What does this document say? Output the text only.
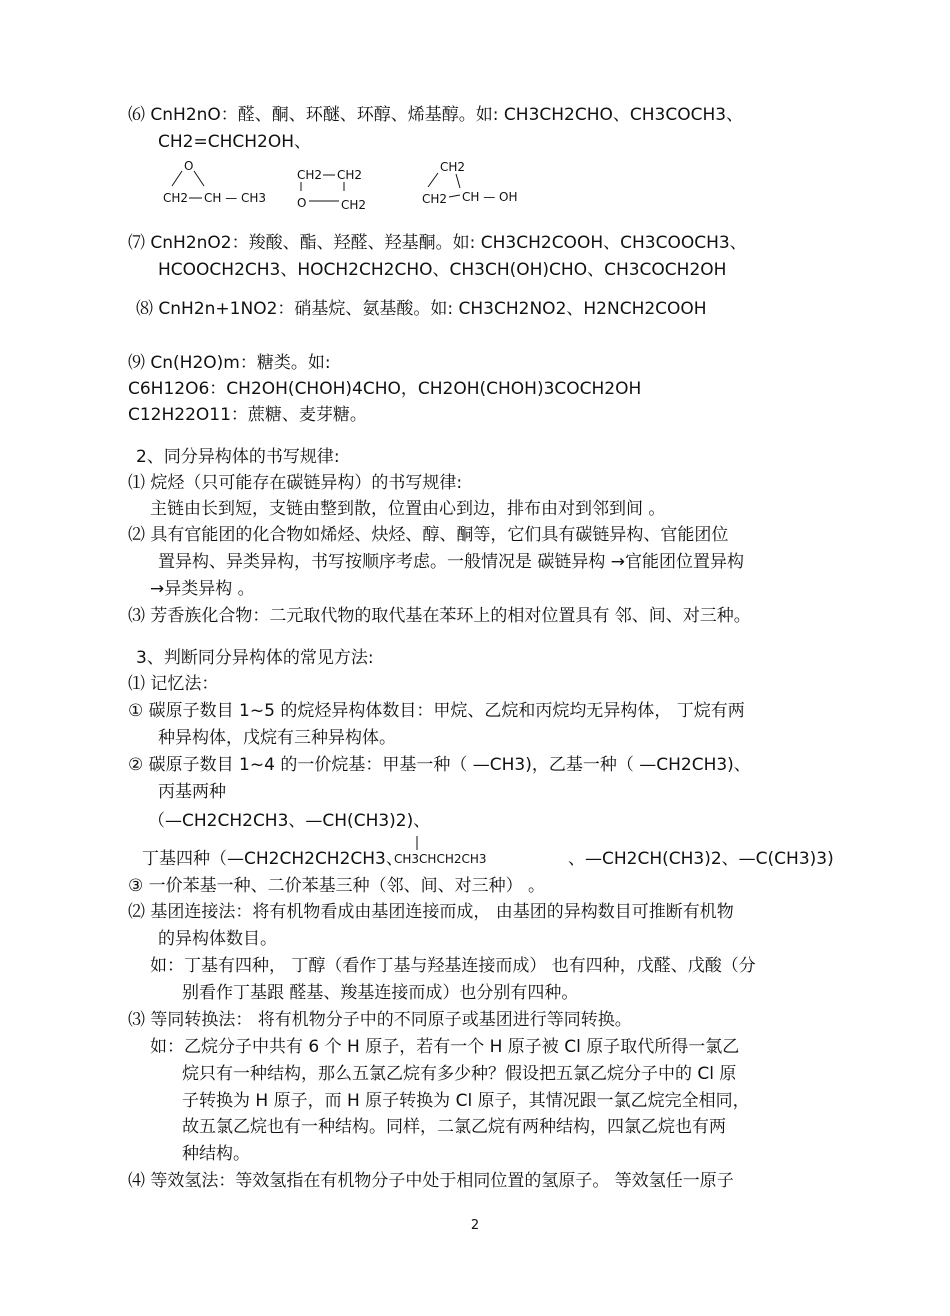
⑹ CnH2nO：醛、酮、环醚、环醇、烯基醇。如: CH3CH2CHO、CH3COCH3、
CH2=CHCH2OH、
⑺ CnH2nO2：羧酸、酯、羟醛、羟基酮。如: CH3CH2COOH、CH3COOCH3、
HCOOCH2CH3、HOCH2CH2CHO、CH3CH(OH)CHO、CH3COCH2OH
⑻ CnH2n+1NO2：硝基烷、氨基酸。如: CH3CH2NO2、H2NCH2COOH
⑼ Cn(H2O)m：糖类。如:
C6H12O6：CH2OH(CHOH)4CHO，CH2OH(CHOH)3COCH2OH
C12H22O11：蔗糖、麦芽糖。
2、同分异构体的书写规律:
⑴ 烷烃（只可能存在碳链异构）的书写规律:
主链由长到短，支链由整到散，位置由心到边，排布由对到邻到间 。
⑵ 具有官能团的化合物如烯烃、炔烃、醇、酮等，它们具有碳链异构、官能团位
置异构、异类异构，书写按顺序考虑。一般情况是 碳链异构 →官能团位置异构
→异类异构 。
⑶ 芳香族化合物：二元取代物的取代基在苯环上的相对位置具有 邻、间、对三种。
3、判断同分异构体的常见方法:
⑴ 记忆法：
① 碳原子数目 1~5 的烷烃异构体数目：甲烷、乙烷和丙烷均无异构体， 丁烷有两
种异构体，戊烷有三种异构体。
② 碳原子数目 1~4 的一价烷基：甲基一种（ —CH3)，乙基一种（ —CH2CH3)、
丙基两种
（—CH2CH2CH3、—CH(CH3)2)、
丁基四种（—CH2CH2CH2CH3、	、—CH2CH(CH3)2、—C(CH3)3)
③ 一价苯基一种、二价苯基三种（邻、间、对三种） 。
⑵ 基团连接法：将有机物看成由基团连接而成， 由基团的异构数目可推断有机物
的异构体数目。
如：丁基有四种， 丁醇（看作丁基与羟基连接而成） 也有四种，戊醛、戊酸（分
别看作丁基跟 醛基、羧基连接而成）也分别有四种。
⑶ 等同转换法： 将有机物分子中的不同原子或基团进行等同转换。
如：乙烷分子中共有 6 个 H 原子，若有一个 H 原子被 Cl 原子取代所得一氯乙
烷只有一种结构，那么五氯乙烷有多少种？假设把五氯乙烷分子中的 Cl 原
子转换为 H 原子，而 H 原子转换为 Cl 原子，其情况跟一氯乙烷完全相同，
故五氯乙烷也有一种结构。同样，二氯乙烷有两种结构，四氯乙烷也有两
种结构。
⑷ 等效氢法：等效氢指在有机物分子中处于相同位置的氢原子。 等效氢任一原子
O
CH2 CH — CH3
CH2 CH2
O	CH2
CH2
CH2 CH — OH
CH3CHCH2CH3
2
